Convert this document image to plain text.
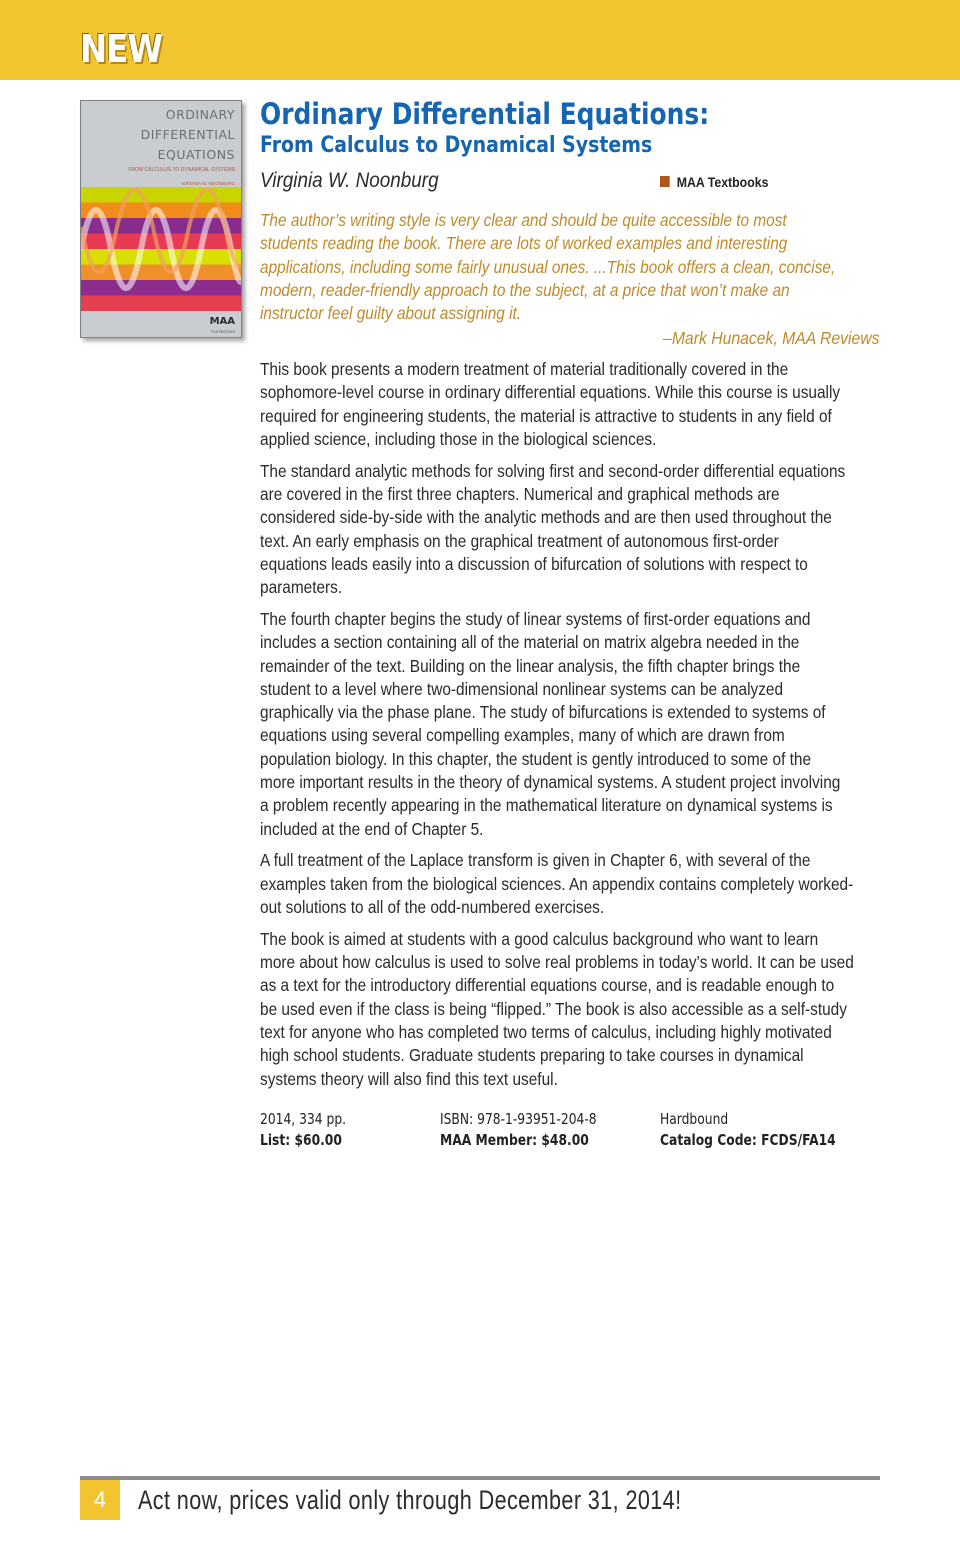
NEW
ORDINARY
DIFFERENTIAL
EQUATIONS
FROM CALCULUS TO DYNAMICAL SYSTEMS
VIRGINIA W. NOONBURG
MAA
TEXTBOOKS
Ordinary Differential Equations:
From Calculus to Dynamical Systems
Virginia W. Noonburg	MAA Textbooks
The author’s writing style is very clear and should be quite accessible to most
students reading the book. There are lots of worked examples and interesting
applications, including some fairly unusual ones. ...This book offers a clean, concise,
modern, reader-friendly approach to the subject, at a price that won’t make an
instructor feel guilty about assigning it.
–Mark Hunacek, MAA Reviews

This book presents a modern treatment of material traditionally covered in the
sophomore-level course in ordinary differential equations. While this course is usually
required for engineering students, the material is attractive to students in any field of
applied science, including those in the biological sciences.

The standard analytic methods for solving first and second-order differential equations
are covered in the first three chapters. Numerical and graphical methods are
considered side-by-side with the analytic methods and are then used throughout the
text. An early emphasis on the graphical treatment of autonomous first-order
equations leads easily into a discussion of bifurcation of solutions with respect to
parameters.

The fourth chapter begins the study of linear systems of first-order equations and
includes a section containing all of the material on matrix algebra needed in the
remainder of the text. Building on the linear analysis, the fifth chapter brings the
student to a level where two-dimensional nonlinear systems can be analyzed
graphically via the phase plane. The study of bifurcations is extended to systems of
equations using several compelling examples, many of which are drawn from
population biology. In this chapter, the student is gently introduced to some of the
more important results in the theory of dynamical systems. A student project involving
a problem recently appearing in the mathematical literature on dynamical systems is
included at the end of Chapter 5.

A full treatment of the Laplace transform is given in Chapter 6, with several of the
examples taken from the biological sciences. An appendix contains completely worked-
out solutions to all of the odd-numbered exercises.

The book is aimed at students with a good calculus background who want to learn
more about how calculus is used to solve real problems in today’s world. It can be used
as a text for the introductory differential equations course, and is readable enough to
be used even if the class is being “flipped.” The book is also accessible as a self-study
text for anyone who has completed two terms of calculus, including highly motivated
high school students. Graduate students preparing to take courses in dynamical
systems theory will also find this text useful.

2014, 334 pp.
List: $60.00
ISBN: 978-1-93951-204-8
MAA Member: $48.00
Hardbound
Catalog Code: FCDS/FA14
4	Act now, prices valid only through December 31, 2014!
